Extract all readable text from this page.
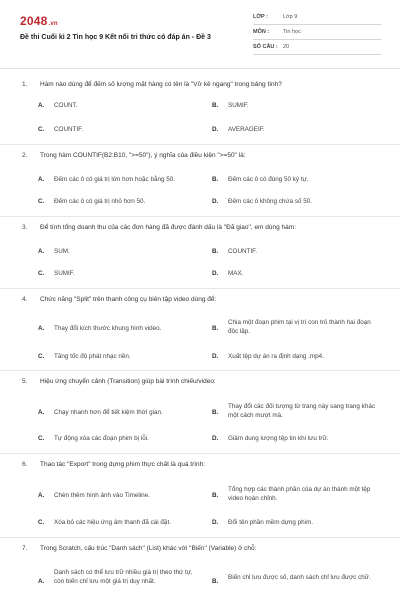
2048.vn
Đề thi Cuối kì 2 Tin học 9 Kết nối tri thức có đáp án - Đề 3
LỚP :	Lớp 9
MÔN :	Tin học
SỐ CÂU : 20
1. Hàm nào dùng để đếm số lượng mặt hàng có tên là "Vở kẻ ngang" trong bảng tính?
A. COUNT.	B. SUMIF.
C. COUNTIF.	D. AVERAGEIF.
2. Trong hàm COUNTIF(B2:B10, ">=50"), ý nghĩa của điều kiện ">=50" là:
A. Đếm các ô có giá trị lớn hơn hoặc bằng 50.	B. Đếm các ô có đúng 50 ký tự.
C. Đếm các ô có giá trị nhỏ hơn 50.	D. Đếm các ô không chứa số 50.
3. Để tính tổng doanh thu của các đơn hàng đã được đánh dấu là "Đã giao", em dùng hàm:
A. SUM.	B. COUNTIF.
C. SUMIF.	D. MAX.
4. Chức năng "Split" trên thanh công cụ biên tập video dùng để:
A. Thay đổi kích thước khung hình video.	B.
Chia một đoạn phim tại vị trí con trỏ thành hai đoạn độc lập.
C. Tăng tốc độ phát nhạc nền.	D. Xuất tệp dự án ra định dạng .mp4.
5. Hiệu ứng chuyển cảnh (Transition) giúp bài trình chiếu/video:
A. Chạy nhanh hơn để tiết kiệm thời gian.	B.
Thay đổi các đối tượng từ trang này sang trang khác một cách mượt mà.
C. Tự động xóa các đoạn phim bị lỗi.	D. Giảm dung lượng tệp tin khi lưu trữ.
6. Thao tác "Export" trong dựng phim thực chất là quá trình:
A. Chèn thêm hình ảnh vào Timeline.	B.
Tổng hợp các thành phần của dự án thành một tệp video hoàn chỉnh.
C. Xóa bỏ các hiệu ứng âm thanh đã cài đặt.	D. Đổi tên phần mềm dựng phim.
7. Trong Scratch, cấu trúc "Danh sách" (List) khác với "Biến" (Variable) ở chỗ:
A.
Danh sách có thể lưu trữ nhiều giá trị theo thứ tự, còn biến chỉ lưu một giá trị duy nhất.	B.
Biến chỉ lưu được số, danh sách chỉ lưu được chữ.
